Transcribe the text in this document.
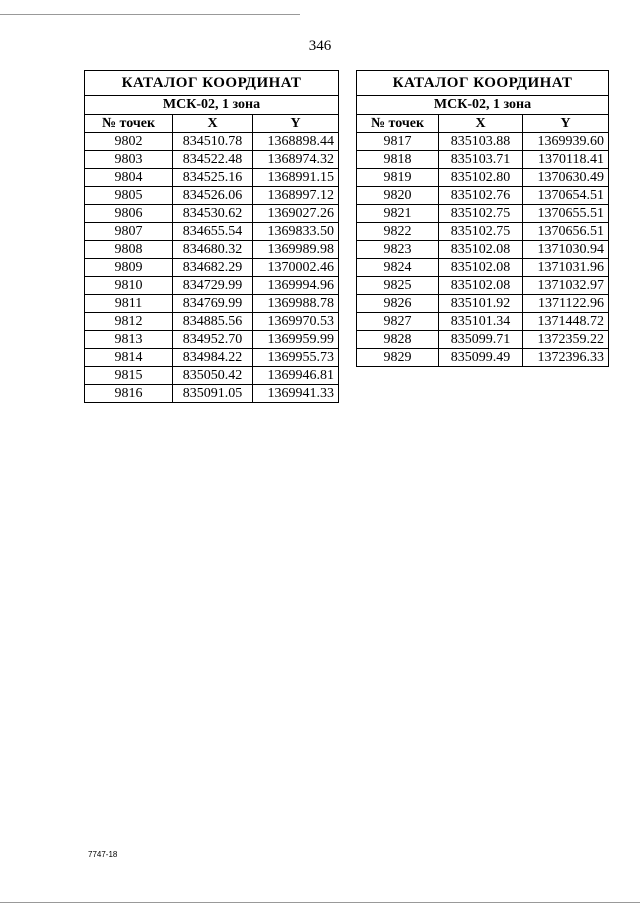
346
КАТАЛОГ КООРДИНАТ		
МСК-02, 1 зона		
№ точек	X	Y
9802	834510.78	1368898.44
9803	834522.48	1368974.32
9804	834525.16	1368991.15
9805	834526.06	1368997.12
9806	834530.62	1369027.26
9807	834655.54	1369833.50
9808	834680.32	1369989.98
9809	834682.29	1370002.46
9810	834729.99	1369994.96
9811	834769.99	1369988.78
9812	834885.56	1369970.53
9813	834952.70	1369959.99
9814	834984.22	1369955.73
9815	835050.42	1369946.81
9816	835091.05	1369941.33
КАТАЛОГ КООРДИНАТ		
МСК-02, 1 зона		
№ точек	X	Y
9817	835103.88	1369939.60
9818	835103.71	1370118.41
9819	835102.80	1370630.49
9820	835102.76	1370654.51
9821	835102.75	1370655.51
9822	835102.75	1370656.51
9823	835102.08	1371030.94
9824	835102.08	1371031.96
9825	835102.08	1371032.97
9826	835101.92	1371122.96
9827	835101.34	1371448.72
9828	835099.71	1372359.22
9829	835099.49	1372396.33
7747-18
